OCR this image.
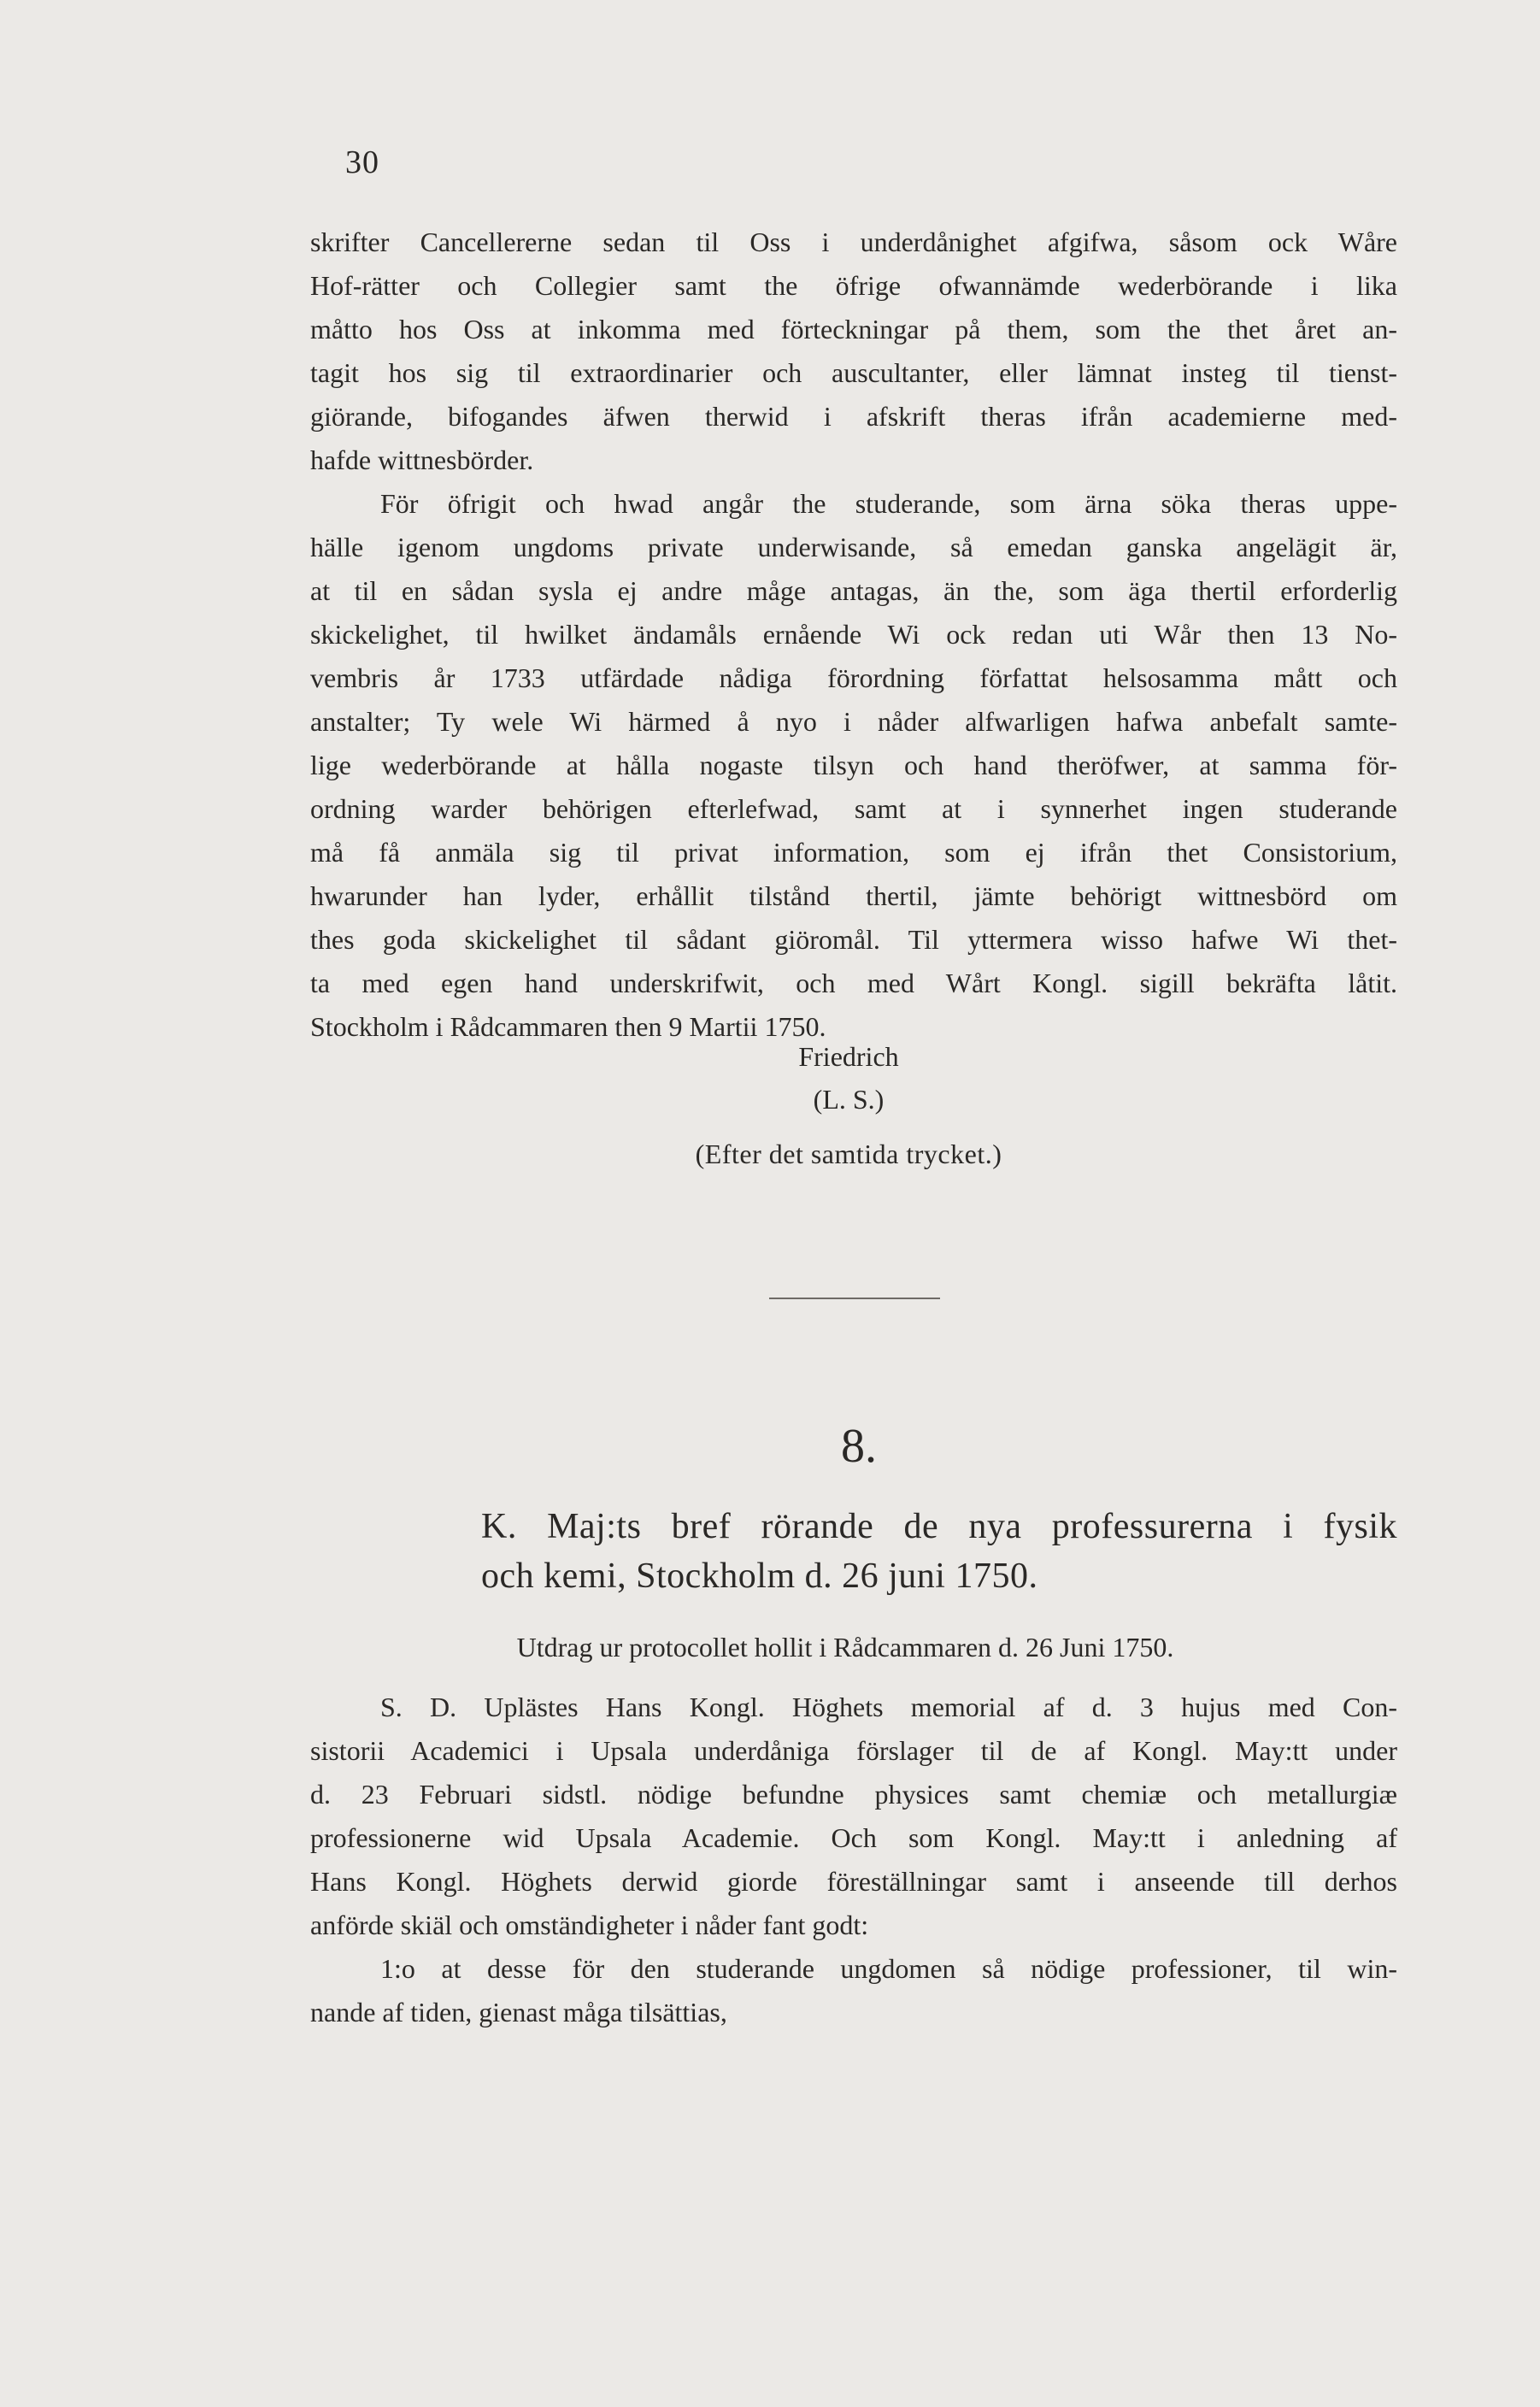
30
skrifter Cancellererne sedan til Oss i underdånighet afgifwa, såsom ock Wåre
Hof-rätter och Collegier samt the öfrige ofwannämde wederbörande i lika
måtto hos Oss at inkomma med förteckningar på them, som the thet året an-
tagit hos sig til extraordinarier och auscultanter, eller lämnat insteg til tienst-
giörande, bifogandes äfwen therwid i afskrift theras ifrån academierne med-
hafde wittnesbörder.
För öfrigit och hwad angår the studerande, som ärna söka theras uppe-
hälle igenom ungdoms private underwisande, så emedan ganska angelägit är,
at til en sådan sysla ej andre måge antagas, än the, som äga thertil erforderlig
skickelighet, til hwilket ändamåls ernående Wi ock redan uti Wår then 13 No-
vembris år 1733 utfärdade nådiga förordning författat helsosamma mått och
anstalter; Ty wele Wi härmed å nyo i nåder alfwarligen hafwa anbefalt samte-
lige wederbörande at hålla nogaste tilsyn och hand theröfwer, at samma för-
ordning warder behörigen efterlefwad, samt at i synnerhet ingen studerande
må få anmäla sig til privat information, som ej ifrån thet Consistorium,
hwarunder han lyder, erhållit tilstånd thertil, jämte behörigt wittnesbörd om
thes goda skickelighet til sådant giöromål. Til yttermera wisso hafwe Wi thet-
ta med egen hand underskrifwit, och med Wårt Kongl. sigill bekräfta låtit.
Stockholm i Rådcammaren then 9 Martii 1750.
Friedrich
(L. S.)
(Efter det samtida trycket.)
8.
K. Maj:ts bref rörande de nya professurerna i fysik
och kemi, Stockholm d. 26 juni 1750.
Utdrag ur protocollet hollit i Rådcammaren d. 26 Juni 1750.
S. D. Uplästes Hans Kongl. Höghets memorial af d. 3 hujus med Con-
sistorii Academici i Upsala underdåniga förslager til de af Kongl. May:tt under
d. 23 Februari sidstl. nödige befundne physices samt chemiæ och metallurgiæ
professionerne wid Upsala Academie. Och som Kongl. May:tt i anledning af
Hans Kongl. Höghets derwid giorde föreställningar samt i anseende till derhos
anförde skiäl och omständigheter i nåder fant godt:
1:o at desse för den studerande ungdomen så nödige professioner, til win-
nande af tiden, gienast måga tilsättias,
